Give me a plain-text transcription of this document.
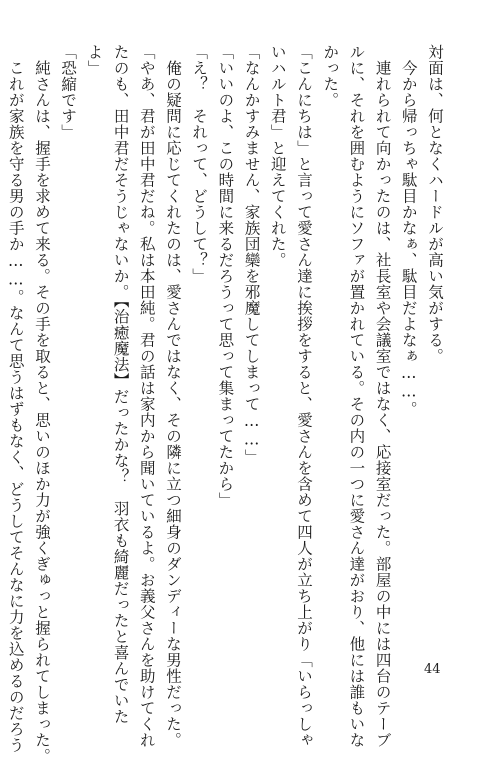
対面は、何となくハードルが高い気がする。
今から帰っちゃ駄目かなぁ、駄目だよなぁ……。
連れられて向かったのは、社長室や会議室ではなく、応接室だった。部屋の中には四台のテーブ
ルに、それを囲むようにソファが置かれている。その内の一つに愛さん達がおり、他には誰もいな
かった。
「こんにちは」と言って愛さん達に挨拶をすると、愛さんを含めて四人が立ち上がり「いらっしゃ
いハルト君」と迎えてくれた。
「なんかすみません、家族団欒を邪魔してしまって……」
「いいのよ、この時間に来るだろうって思って集まってたから」
「え？　それって、どうして？」
俺の疑問に応じてくれたのは、愛さんではなく、その隣に立つ細身のダンディーな男性だった。
「やあ、君が田中君だね。私は本田純。君の話は家内から聞いているよ。お義父さんを助けてくれ
たのも、田中君だそうじゃないか。【治癒魔法】だったかな？　羽衣も綺麗だったと喜んでいた
よ」
「恐縮です」
純さんは、握手を求めて来る。その手を取ると、思いのほか力が強くぎゅっと握られてしまった。
これが家族を守る男の手か……。なんて思うはずもなく、どうしてそんなに力を込めるのだろう	44
